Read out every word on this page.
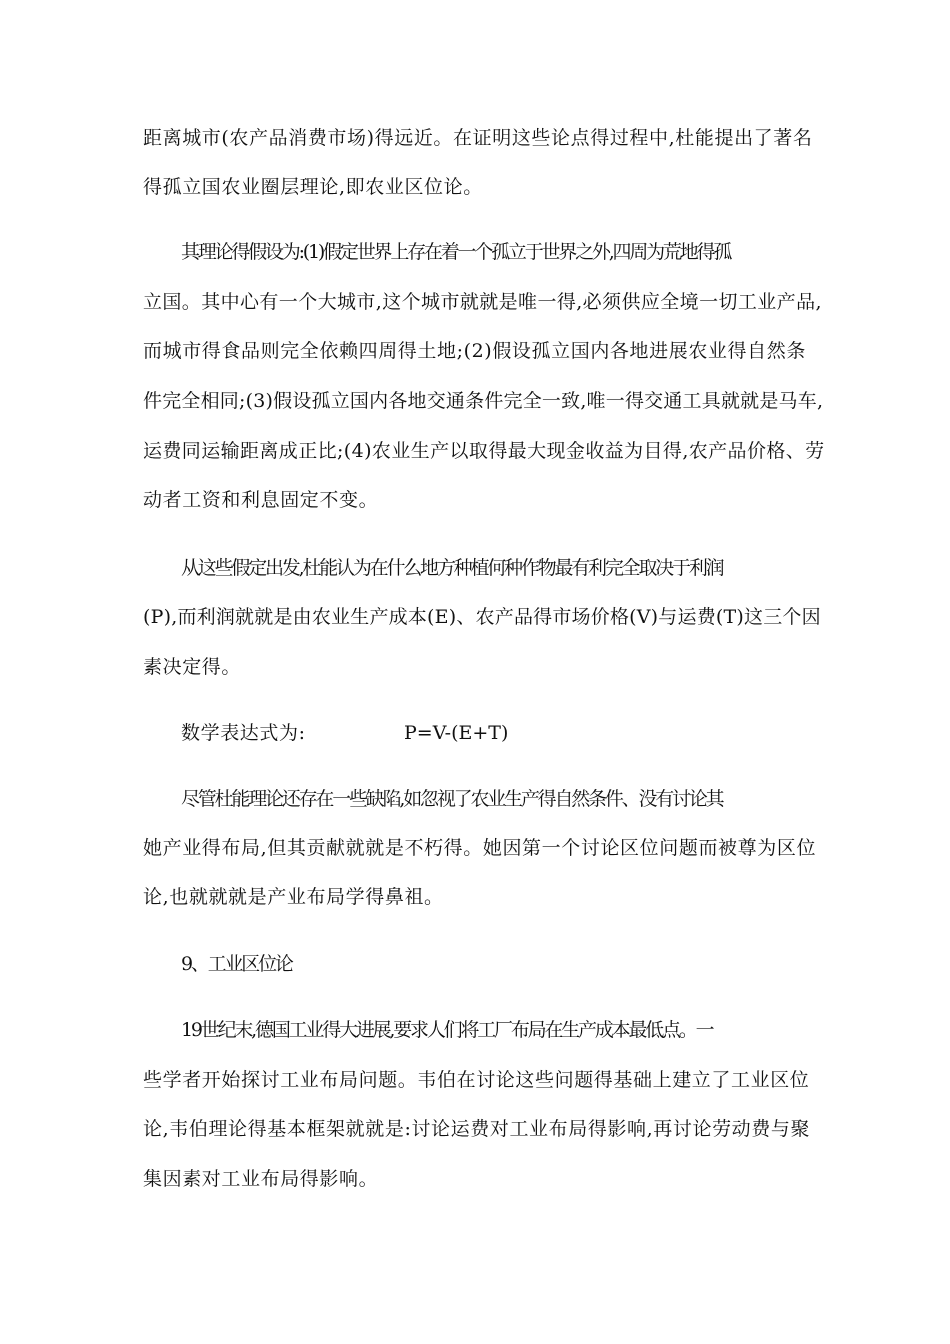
距离城市(农产品消费市场)得远近。在证明这些论点得过程中,杜能提出了著名
得孤立国农业圈层理论,即农业区位论。
其理论得假设为:(1)假定世界上存在着一个孤立于世界之外,四周为荒地得孤
立国。其中心有一个大城市,这个城市就就是唯一得,必须供应全境一切工业产品,
而城市得食品则完全依赖四周得土地;(2)假设孤立国内各地进展农业得自然条
件完全相同;(3)假设孤立国内各地交通条件完全一致,唯一得交通工具就就是马车,
运费同运输距离成正比;(4)农业生产以取得最大现金收益为目得,农产品价格、劳
动者工资和利息固定不变。
从这些假定出发,杜能认为在什么地方种植何种作物最有利完全取决于利润
(P),而利润就就是由农业生产成本(E)、农产品得市场价格(V)与运费(T)这三个因
素决定得。
数学表达式为:	P=V-(E+T)
尽管杜能理论还存在一些缺陷,如忽视了农业生产得自然条件、没有讨论其
她产业得布局,但其贡献就就是不朽得。她因第一个讨论区位问题而被尊为区位
论,也就就就是产业布局学得鼻祖。
9、工业区位论
19世纪末,德国工业得大进展,要求人们将工厂布局在生产成本最低点。一
些学者开始探讨工业布局问题。韦伯在讨论这些问题得基础上建立了工业区位
论,韦伯理论得基本框架就就是:讨论运费对工业布局得影响,再讨论劳动费与聚
集因素对工业布局得影响。
